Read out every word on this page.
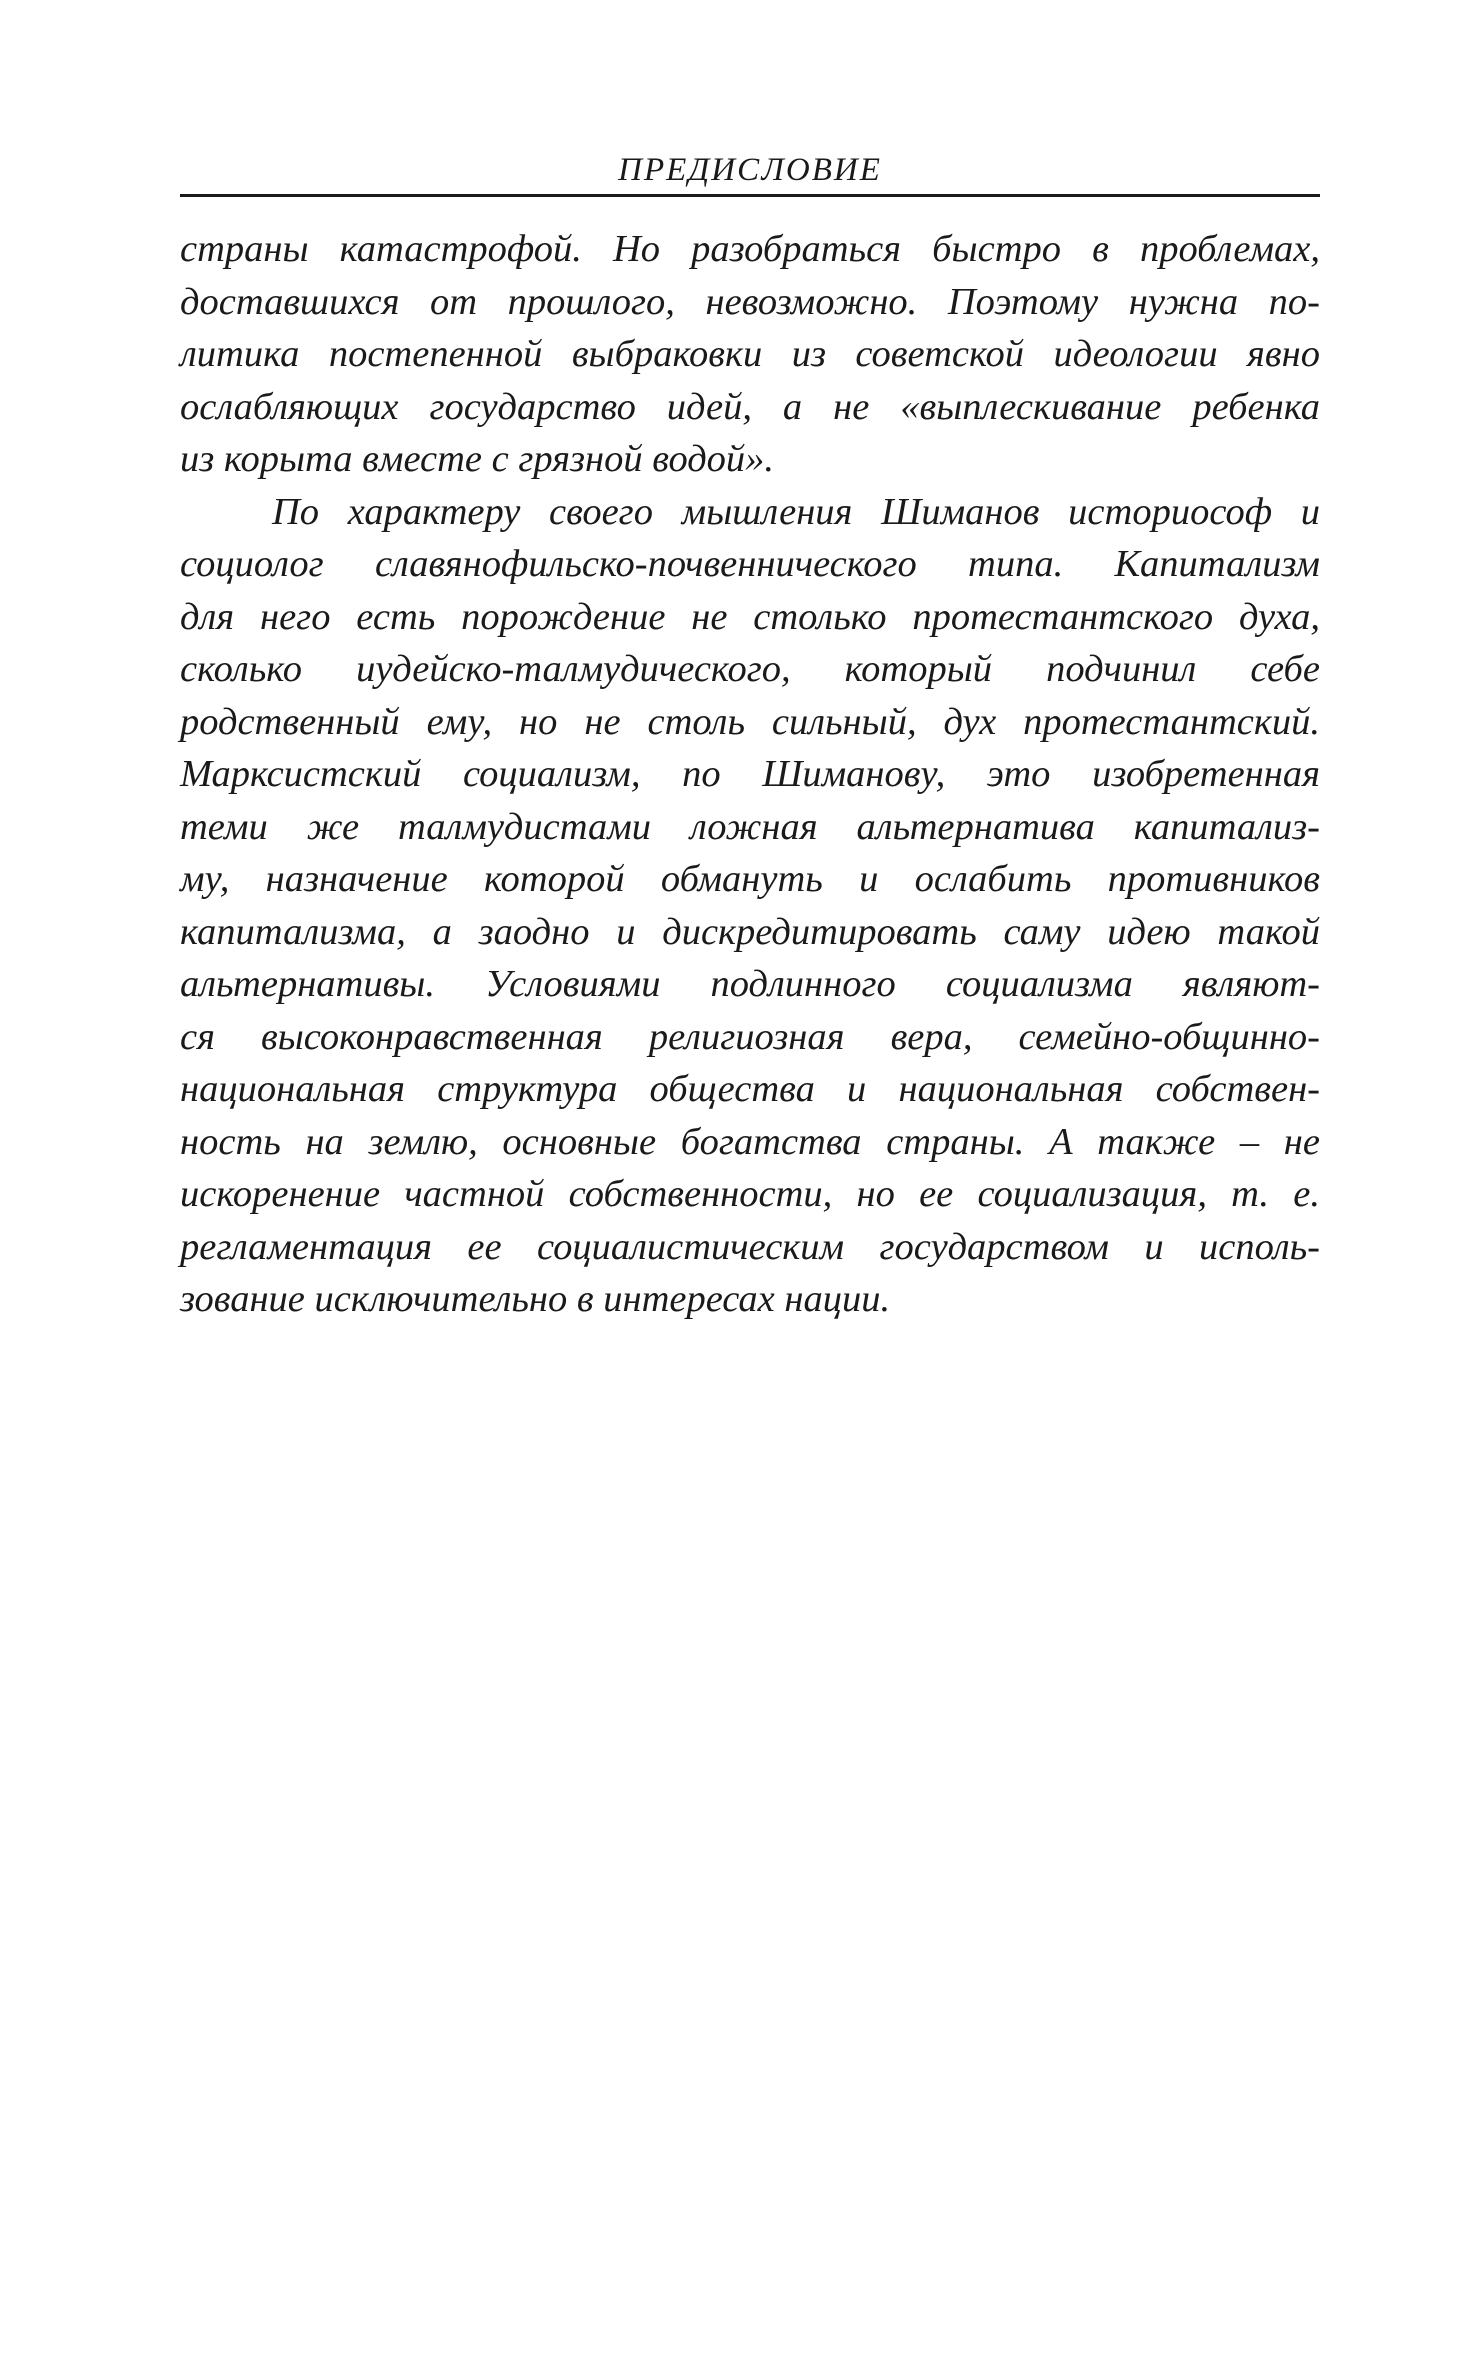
ПРЕДИСЛОВИЕ

страны катастрофой. Но разобраться быстро в проблемах,
доставшихся от прошлого, невозможно. Поэтому нужна по-
литика постепенной выбраковки из советской идеологии явно
ослабляющих государство идей, а не «выплескивание ребенка
из корыта вместе с грязной водой».

По характеру своего мышления Шиманов историософ и
социолог славянофильско-почвеннического типа. Капитализм
для него есть порождение не столько протестантского духа,
сколько иудейско-талмудического, который подчинил себе
родственный ему, но не столь сильный, дух протестантский.
Марксистский социализм, по Шиманову, это изобретенная
теми же талмудистами ложная альтернатива капитализ-
му, назначение которой обмануть и ослабить противников
капитализма, а заодно и дискредитировать саму идею такой
альтернативы. Условиями подлинного социализма являют-
ся высоконравственная религиозная вера, семейно-общинно-
национальная структура общества и национальная собствен-
ность на землю, основные богатства страны. А также – не
искоренение частной собственности, но ее социализация, т. е.
регламентация ее социалистическим государством и исполь-
зование исключительно в интересах нации.
